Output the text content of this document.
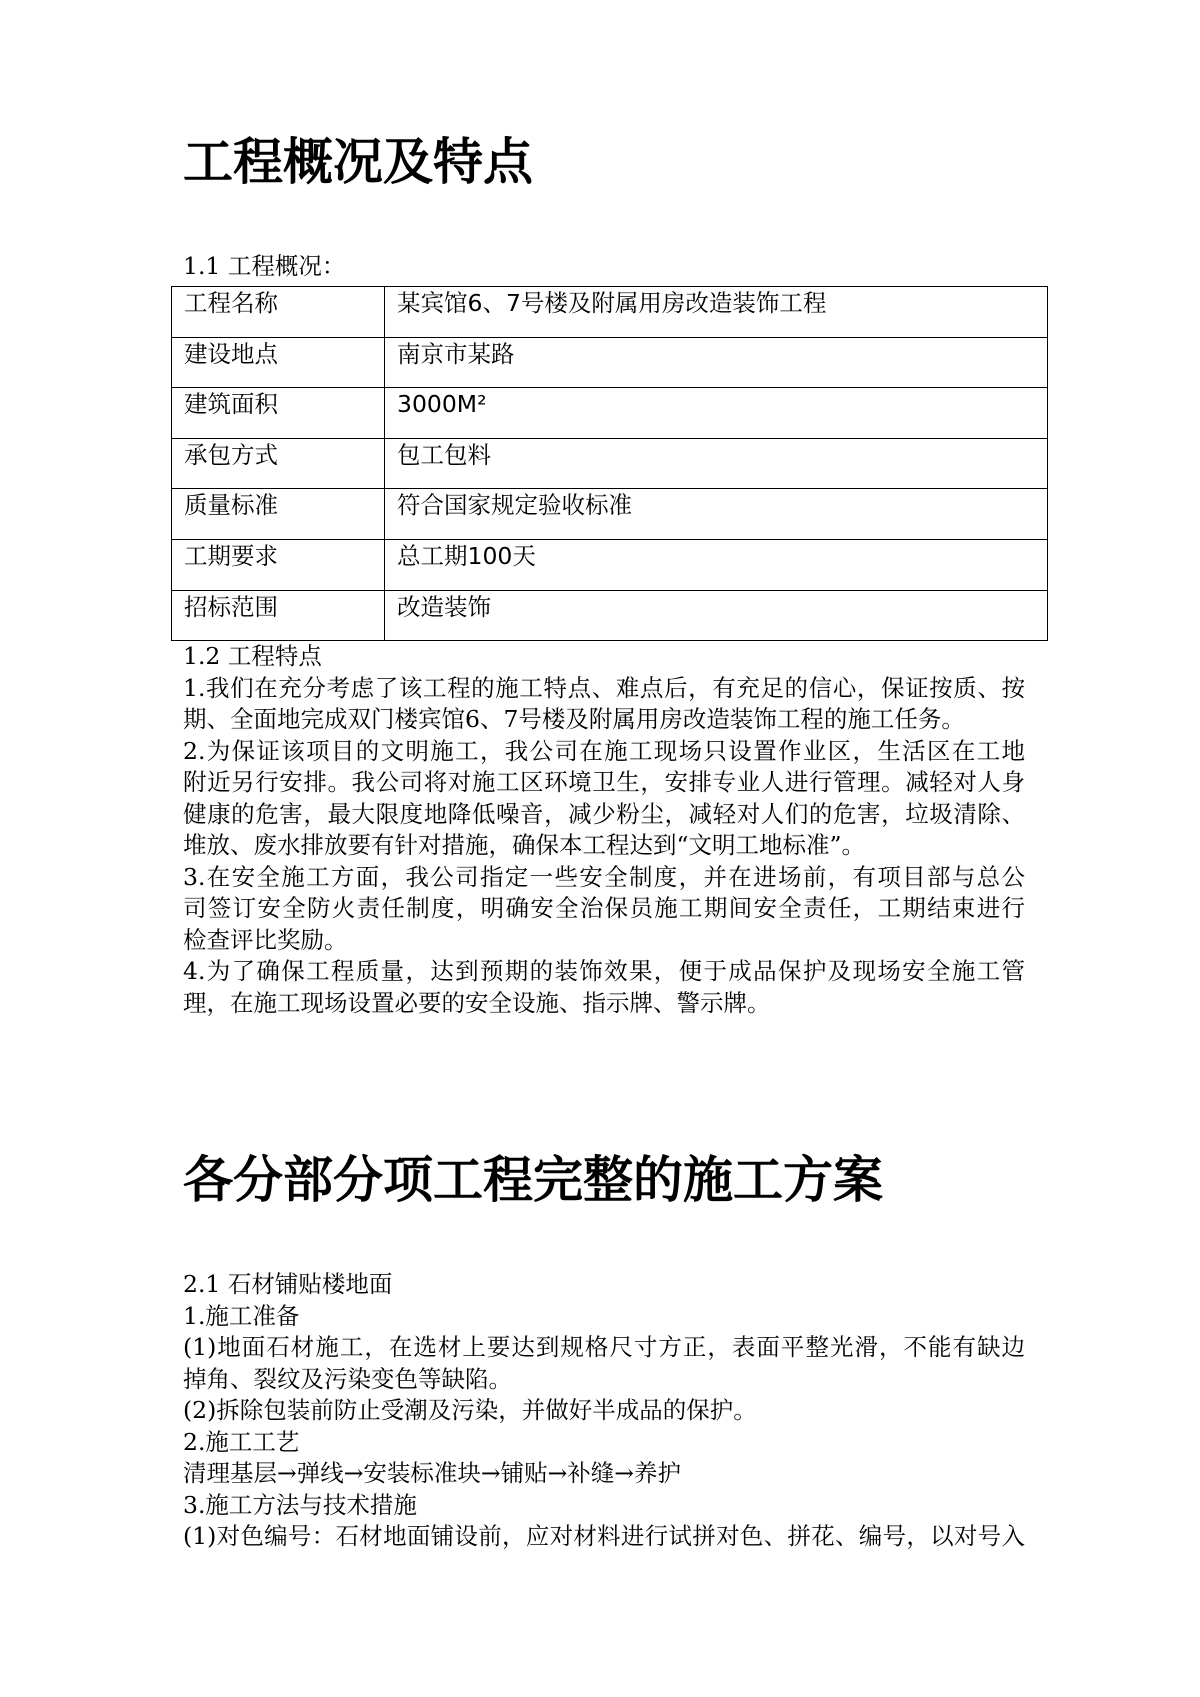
工程概况及特点
1.1 工程概况：
工程名称	某宾馆6、7号楼及附属用房改造装饰工程
建设地点	南京市某路
建筑面积	3000M²
承包方式	包工包料
质量标准	符合国家规定验收标准
工期要求	总工期100天
招标范围	改造装饰
1.2 工程特点
1.我们在充分考虑了该工程的施工特点、难点后，有充足的信心，保证按质、按
期、全面地完成双门楼宾馆6、7号楼及附属用房改造装饰工程的施工任务。
2.为保证该项目的文明施工，我公司在施工现场只设置作业区，生活区在工地
附近另行安排。我公司将对施工区环境卫生，安排专业人进行管理。减轻对人身
健康的危害，最大限度地降低噪音，减少粉尘，减轻对人们的危害，垃圾清除、
堆放、废水排放要有针对措施，确保本工程达到“文明工地标准”。
3.在安全施工方面，我公司指定一些安全制度，并在进场前，有项目部与总公
司签订安全防火责任制度，明确安全治保员施工期间安全责任，工期结束进行
检查评比奖励。
4.为了确保工程质量，达到预期的装饰效果，便于成品保护及现场安全施工管
理，在施工现场设置必要的安全设施、指示牌、警示牌。
各分部分项工程完整的施工方案
2.1 石材铺贴楼地面
1.施工准备
(1)地面石材施工，在选材上要达到规格尺寸方正，表面平整光滑，不能有缺边
掉角、裂纹及污染变色等缺陷。
(2)拆除包装前防止受潮及污染，并做好半成品的保护。
2.施工工艺
清理基层→弹线→安装标准块→铺贴→补缝→养护
3.施工方法与技术措施
(1)对色编号：石材地面铺设前，应对材料进行试拼对色、拼花、编号，以对号入
